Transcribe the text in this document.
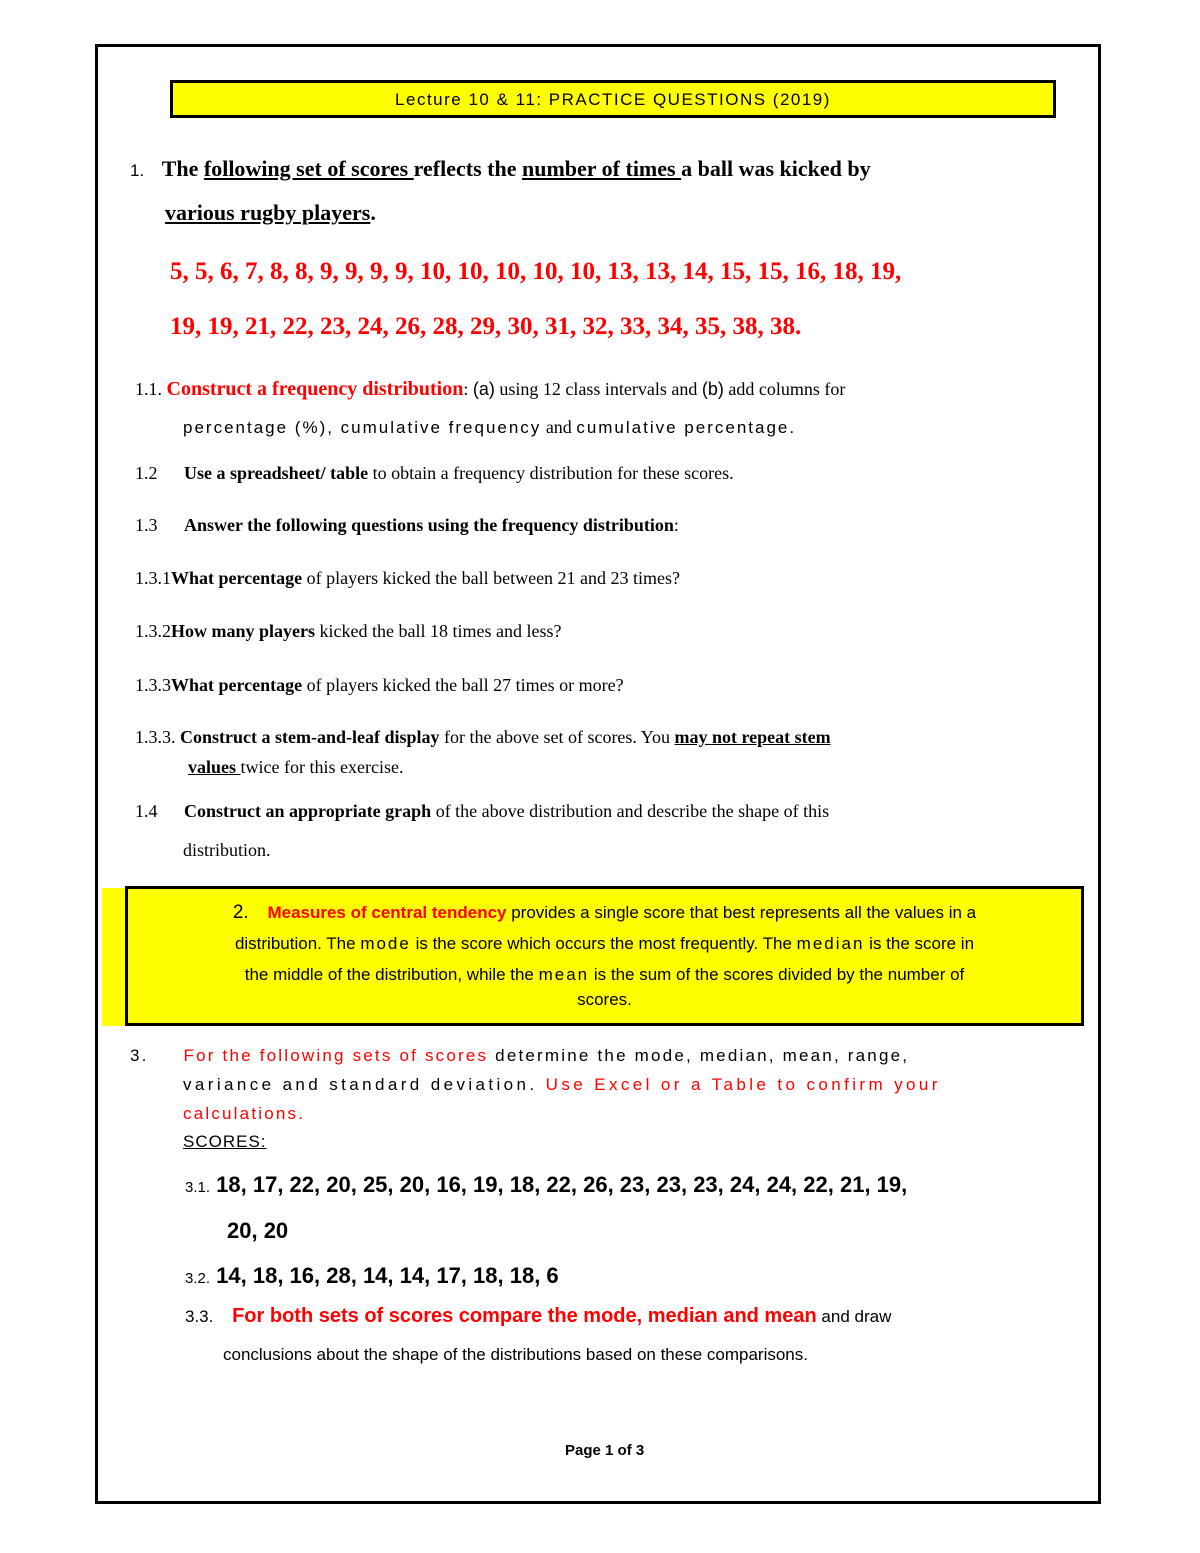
Lecture 10 & 11: PRACTICE QUESTIONS (2019)
1. The following set of scores reflects the number of times a ball was kicked by
various rugby players.
5, 5, 6, 7, 8, 8, 9, 9, 9, 9, 10, 10, 10, 10, 10, 13, 13, 14, 15, 15, 16, 18, 19,
19, 19, 21, 22, 23, 24, 26, 28, 29, 30, 31, 32, 33, 34, 35, 38, 38.
1.1. Construct a frequency distribution: (a) using 12 class intervals and (b) add columns for
percentage (%), cumulative frequency and cumulative percentage.
1.2 Use a spreadsheet/ table to obtain a frequency distribution for these scores.
1.3 Answer the following questions using the frequency distribution:
1.3.1What percentage of players kicked the ball between 21 and 23 times?
1.3.2How many players kicked the ball 18 times and less?
1.3.3What percentage of players kicked the ball 27 times or more?
1.3.3. Construct a stem-and-leaf display for the above set of scores. You may not repeat stem
values twice for this exercise.
1.4 Construct an appropriate graph of the above distribution and describe the shape of this
distribution.
2. Measures of central tendency provides a single score that best represents all the values in a
distribution. The mode is the score which occurs the most frequently. The median is the score in
the middle of the distribution, while the mean is the sum of the scores divided by the number of
scores.
3. For the following sets of scores determine the mode, median, mean, range,
variance and standard deviation. Use Excel or a Table to confirm your
calculations.
SCORES:
3.1. 18, 17, 22, 20, 25, 20, 16, 19, 18, 22, 26, 23, 23, 23, 24, 24, 22, 21, 19,
20, 20
3.2. 14, 18, 16, 28, 14, 14, 17, 18, 18, 6
3.3. For both sets of scores compare the mode, median and mean and draw
conclusions about the shape of the distributions based on these comparisons.
Page 1 of 3
